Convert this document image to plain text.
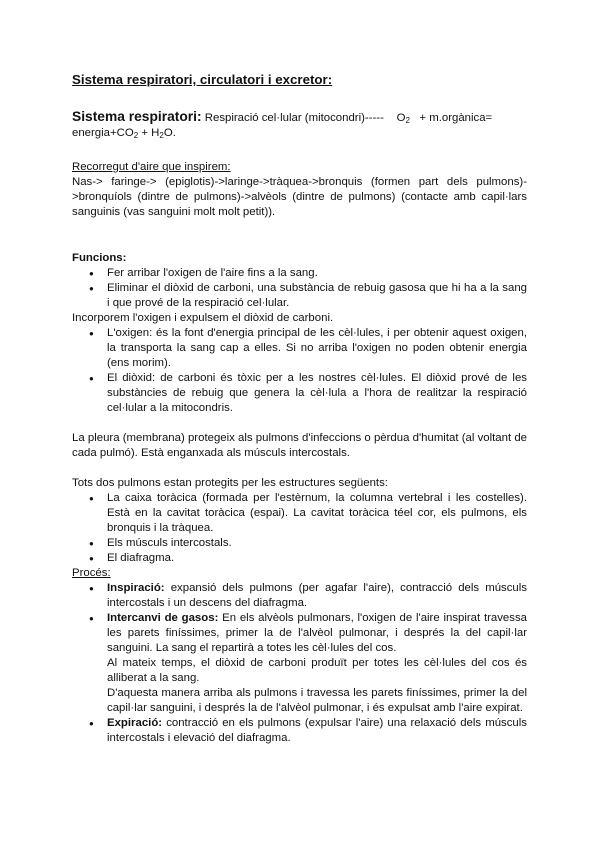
Sistema respiratori, circulatori i excretor:
Sistema respiratori: Respiració cel·lular (mitocondri)----- $O_2$ + m.orgànica=
$energia+CO_2 + H_2O$.
Recorregut d'aire que inspirem:
Nas-> faringe-> (epiglotis)->laringe->tràquea->bronquis (formen part dels pulmons)->bronquíols (dintre de pulmons)->alvèols (dintre de pulmons) (contacte amb capil·lars sanguinis (vas sanguini molt molt petit)).
Funcions:
● Fer arribar l'oxigen de l'aire fins a la sang.
● Eliminar el diòxid de carboni, una substància de rebuig gasosa que hi ha a la sang i que prové de la respiració cel·lular.
Incorporem l'oxigen i expulsem el diòxid de carboni.
● L'oxigen: és la font d'energia principal de les cèl·lules, i per obtenir aquest oxigen, la transporta la sang cap a elles. Si no arriba l'oxigen no poden obtenir energia (ens morim).
● El diòxid: de carboni és tòxic per a les nostres cèl·lules. El diòxid prové de les substàncies de rebuig que genera la cèl·lula a l'hora de realitzar la respiració cel·lular a la mitocondris.
La pleura (membrana) protegeix als pulmons d'infeccions o pèrdua d'humitat (al voltant de cada pulmó). Està enganxada als músculs intercostals.
Tots dos pulmons estan protegits per les estructures següents:
● La caixa toràcica (formada per l'estèrnum, la columna vertebral i les costelles). Està en la cavitat toràcica (espai). La cavitat toràcica téel cor, els pulmons, els bronquis i la tràquea.
● Els músculs intercostals.
● El diafragma.
Procés:
● Inspiració: expansió dels pulmons (per agafar l'aire), contracció dels músculs intercostals i un descens del diafragma.
● Intercanvi de gasos: En els alvèols pulmonars, l'oxigen de l'aire inspirat travessa les parets finíssimes, primer la de l'alvèol pulmonar, i després la del capil·lar sanguini. La sang el repartirà a totes les cèl·lules del cos.
Al mateix temps, el diòxid de carboni produït per totes les cèl·lules del cos és alliberat a la sang.
D'aquesta manera arriba als pulmons i travessa les parets finíssimes, primer la del capil·lar sanguini, i després la de l'alvèol pulmonar, i és expulsat amb l'aire expirat.
● Expiració: contracció en els pulmons (expulsar l'aire) una relaxació dels músculs intercostals i elevació del diafragma.
